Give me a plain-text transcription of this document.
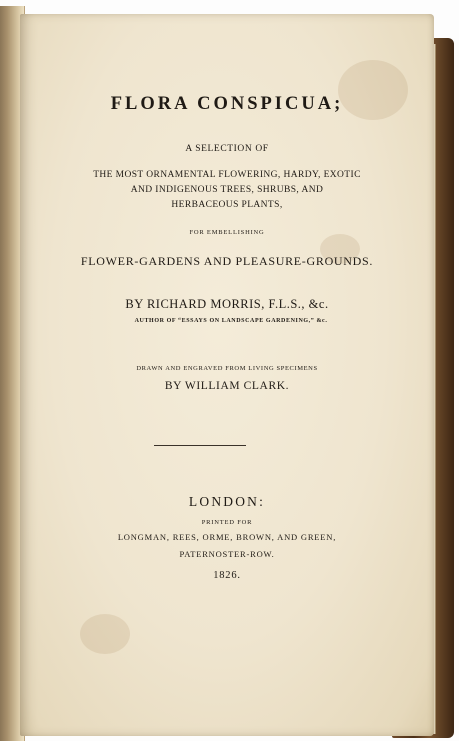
FLORA CONSPICUA;
A SELECTION OF
THE MOST ORNAMENTAL FLOWERING, HARDY, EXOTIC
AND INDIGENOUS TREES, SHRUBS, AND
HERBACEOUS PLANTS,
FOR EMBELLISHING
FLOWER-GARDENS AND PLEASURE-GROUNDS.
BY RICHARD MORRIS, F.L.S., &c.
AUTHOR OF “ESSAYS ON LANDSCAPE GARDENING,” &c.
DRAWN AND ENGRAVED FROM LIVING SPECIMENS
BY WILLIAM CLARK.
LONDON:
PRINTED FOR
LONGMAN, REES, ORME, BROWN, AND GREEN,
PATERNOSTER-ROW.
1826.
